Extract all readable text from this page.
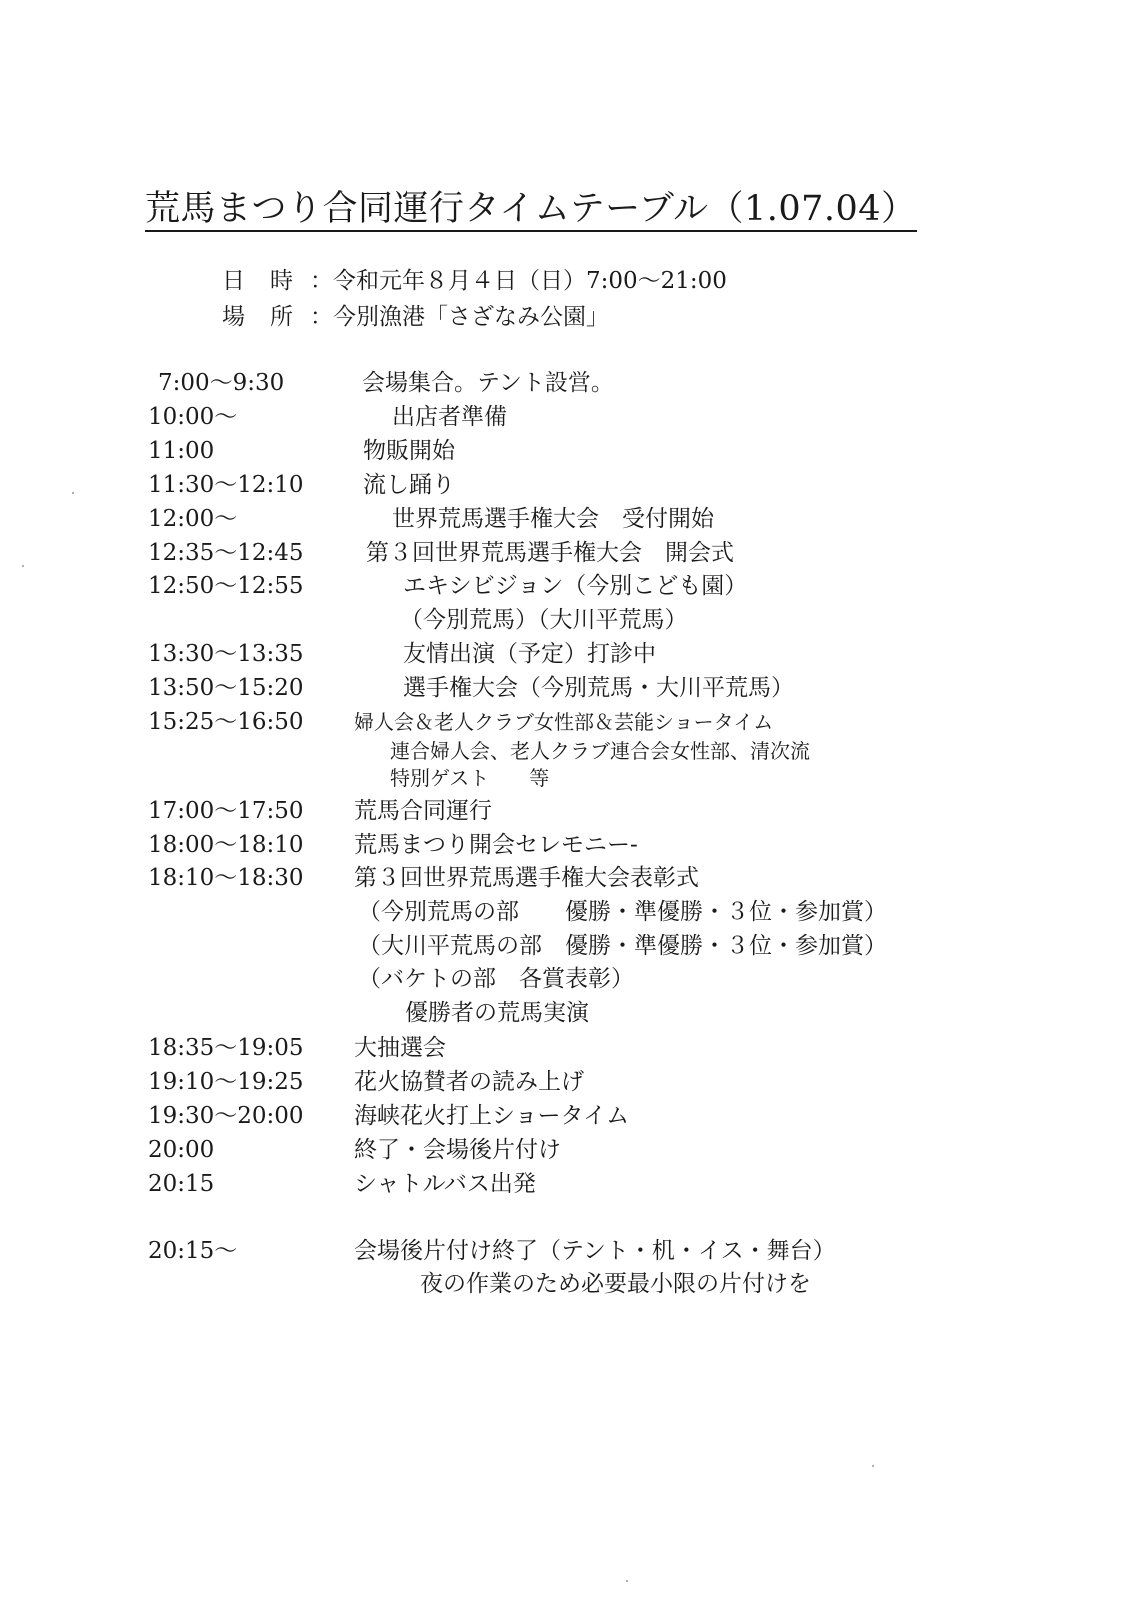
荒馬まつり合同運行タイムテーブル（1.07.04）
日 時 ：令和元年８月４日（日）7:00〜21:00
場 所 ：今別漁港「さざなみ公園」
7:00〜9:30	会場集合。テント設営。
10:00〜	出店者準備
11:00	物販開始
11:30〜12:10	流し踊り
12:00〜	世界荒馬選手権大会　受付開始
12:35〜12:45	第３回世界荒馬選手権大会　開会式
12:50〜12:55	エキシビジョン（今別こども園）
（今別荒馬）（大川平荒馬）
13:30〜13:35	友情出演（予定）打診中
13:50〜15:20	選手権大会（今別荒馬・大川平荒馬）
15:25〜16:50	婦人会＆老人クラブ女性部＆芸能ショータイム
連合婦人会、老人クラブ連合会女性部、清次流
特別ゲスト　　等
17:00〜17:50 荒馬合同運行
18:00〜18:10 荒馬まつり開会セレモニー‐
18:10〜18:30 第３回世界荒馬選手権大会表彰式
（今別荒馬の部　　優勝・準優勝・３位・参加賞）
（大川平荒馬の部　優勝・準優勝・３位・参加賞）
（バケトの部　各賞表彰）
優勝者の荒馬実演
18:35〜19:05 大抽選会
19:10〜19:25 花火協賛者の読み上げ
19:30〜20:00 海峡花火打上ショータイム
20:00	終了・会場後片付け
20:15	シャトルバス出発
20:15〜	会場後片付け終了（テント・机・イス・舞台）
夜の作業のため必要最小限の片付けを
